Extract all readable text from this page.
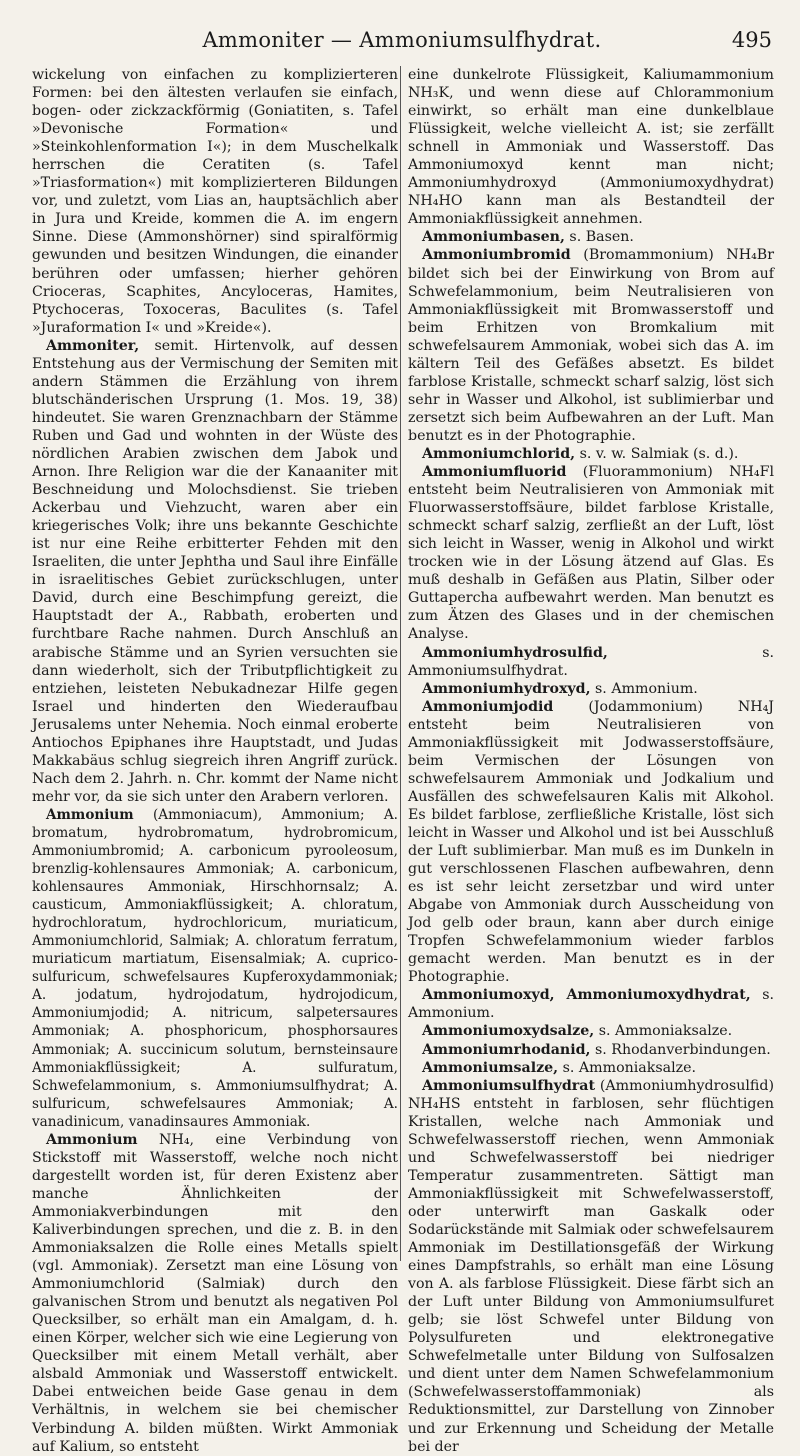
Ammoniter — Ammoniumsulfhydrat.	495

wickelung von einfachen zu komplizierteren Formen: bei den ältesten verlaufen sie einfach, bogen- oder zickzackförmig (Goniatiten, s. Tafel »Devonische Formation« und »Steinkohlenformation I«); in dem Muschelkalk herrschen die Ceratiten (s. Tafel »Triasformation«) mit komplizierteren Bildungen vor, und zuletzt, vom Lias an, hauptsächlich aber in Jura und Kreide, kommen die A. im engern Sinne. Diese (Ammonshörner) sind spiralförmig gewunden und besitzen Windungen, die einander berühren oder umfassen; hierher gehören Crioceras, Scaphites, Ancyloceras, Hamites, Ptychoceras, Toxoceras, Baculites (s. Tafel »Juraformation I« und »Kreide«).

Ammoniter, semit. Hirtenvolk, auf dessen Entstehung aus der Vermischung der Semiten mit andern Stämmen die Erzählung von ihrem blutschänderischen Ursprung (1. Mos. 19, 38) hindeutet. Sie waren Grenznachbarn der Stämme Ruben und Gad und wohnten in der Wüste des nördlichen Arabien zwischen dem Jabok und Arnon. Ihre Religion war die der Kanaaniter mit Beschneidung und Molochsdienst. Sie trieben Ackerbau und Viehzucht, waren aber ein kriegerisches Volk; ihre uns bekannte Geschichte ist nur eine Reihe erbitterter Fehden mit den Israeliten, die unter Jephtha und Saul ihre Einfälle in israelitisches Gebiet zurückschlugen, unter David, durch eine Beschimpfung gereizt, die Hauptstadt der A., Rabbath, eroberten und furchtbare Rache nahmen. Durch Anschluß an arabische Stämme und an Syrien versuchten sie dann wiederholt, sich der Tributpflichtigkeit zu entziehen, leisteten Nebukadnezar Hilfe gegen Israel und hinderten den Wiederaufbau Jerusalems unter Nehemia. Noch einmal eroberte Antiochos Epiphanes ihre Hauptstadt, und Judas Makkabäus schlug siegreich ihren Angriff zurück. Nach dem 2. Jahrh. n. Chr. kommt der Name nicht mehr vor, da sie sich unter den Arabern verloren.

Ammonium (Ammoniacum), Ammonium; A. bromatum, hydrobromatum, hydrobromicum, Ammoniumbromid; A. carbonicum pyrooleosum, brenzlig-kohlensaures Ammoniak; A. carbonicum, kohlensaures Ammoniak, Hirschhornsalz; A. causticum, Ammoniakflüssigkeit; A. chloratum, hydrochloratum, hydrochloricum, muriaticum, Ammoniumchlorid, Salmiak; A. chloratum ferratum, muriaticum martiatum, Eisensalmiak; A. cuprico-sulfuricum, schwefelsaures Kupferoxydammoniak; A. jodatum, hydrojodatum, hydrojodicum, Ammoniumjodid; A. nitricum, salpetersaures Ammoniak; A. phosphoricum, phosphorsaures Ammoniak; A. succinicum solutum, bernsteinsaure Ammoniakflüssigkeit; A. sulfuratum, Schwefelammonium, s. Ammoniumsulfhydrat; A. sulfuricum, schwefelsaures Ammoniak; A. vanadinicum, vanadinsaures Ammoniak.

Ammonium NH₄, eine Verbindung von Stickstoff mit Wasserstoff, welche noch nicht dargestellt worden ist, für deren Existenz aber manche Ähnlichkeiten der Ammoniakverbindungen mit den Kaliverbindungen sprechen, und die z. B. in den Ammoniaksalzen die Rolle eines Metalls spielt (vgl. Ammoniak). Zersetzt man eine Lösung von Ammoniumchlorid (Salmiak) durch den galvanischen Strom und benutzt als negativen Pol Quecksilber, so erhält man ein Amalgam, d. h. einen Körper, welcher sich wie eine Legierung von Quecksilber mit einem Metall verhält, aber alsbald Ammoniak und Wasserstoff entwickelt. Dabei entweichen beide Gase genau in dem Verhältnis, in welchem sie bei chemischer Verbindung A. bilden müßten. Wirkt Ammoniak auf Kalium, so entsteht

eine dunkelrote Flüssigkeit, Kaliumammonium NH₃K, und wenn diese auf Chlorammonium einwirkt, so erhält man eine dunkelblaue Flüssigkeit, welche vielleicht A. ist; sie zerfällt schnell in Ammoniak und Wasserstoff. Das Ammoniumoxyd kennt man nicht; Ammoniumhydroxyd (Ammoniumoxydhydrat) NH₄HO kann man als Bestandteil der Ammoniakflüssigkeit annehmen.

Ammoniumbasen, s. Basen.

Ammoniumbromid (Bromammonium) NH₄Br bildet sich bei der Einwirkung von Brom auf Schwefelammonium, beim Neutralisieren von Ammoniakflüssigkeit mit Bromwasserstoff und beim Erhitzen von Bromkalium mit schwefelsaurem Ammoniak, wobei sich das A. im kältern Teil des Gefäßes absetzt. Es bildet farblose Kristalle, schmeckt scharf salzig, löst sich sehr in Wasser und Alkohol, ist sublimierbar und zersetzt sich beim Aufbewahren an der Luft. Man benutzt es in der Photographie.

Ammoniumchlorid, s. v. w. Salmiak (s. d.).

Ammoniumfluorid (Fluorammonium) NH₄Fl entsteht beim Neutralisieren von Ammoniak mit Fluorwasserstoffsäure, bildet farblose Kristalle, schmeckt scharf salzig, zerfließt an der Luft, löst sich leicht in Wasser, wenig in Alkohol und wirkt trocken wie in der Lösung ätzend auf Glas. Es muß deshalb in Gefäßen aus Platin, Silber oder Guttapercha aufbewahrt werden. Man benutzt es zum Ätzen des Glases und in der chemischen Analyse.

Ammoniumhydrosulfid, s. Ammoniumsulfhydrat.

Ammoniumhydroxyd, s. Ammonium.

Ammoniumjodid (Jodammonium) NH₄J entsteht beim Neutralisieren von Ammoniakflüssigkeit mit Jodwasserstoffsäure, beim Vermischen der Lösungen von schwefelsaurem Ammoniak und Jodkalium und Ausfällen des schwefelsauren Kalis mit Alkohol. Es bildet farblose, zerfließliche Kristalle, löst sich leicht in Wasser und Alkohol und ist bei Ausschluß der Luft sublimierbar. Man muß es im Dunkeln in gut verschlossenen Flaschen aufbewahren, denn es ist sehr leicht zersetzbar und wird unter Abgabe von Ammoniak durch Ausscheidung von Jod gelb oder braun, kann aber durch einige Tropfen Schwefelammonium wieder farblos gemacht werden. Man benutzt es in der Photographie.

Ammoniumoxyd, Ammoniumoxydhydrat, s. Ammonium.

Ammoniumoxydsalze, s. Ammoniaksalze.

Ammoniumrhodanid, s. Rhodanverbindungen.

Ammoniumsalze, s. Ammoniaksalze.

Ammoniumsulfhydrat (Ammoniumhydrosulfid) NH₄HS entsteht in farblosen, sehr flüchtigen Kristallen, welche nach Ammoniak und Schwefelwasserstoff riechen, wenn Ammoniak und Schwefelwasserstoff bei niedriger Temperatur zusammentreten. Sättigt man Ammoniakflüssigkeit mit Schwefelwasserstoff, oder unterwirft man Gaskalk oder Sodarückstände mit Salmiak oder schwefelsaurem Ammoniak im Destillationsgefäß der Wirkung eines Dampfstrahls, so erhält man eine Lösung von A. als farblose Flüssigkeit. Diese färbt sich an der Luft unter Bildung von Ammoniumsulfuret gelb; sie löst Schwefel unter Bildung von Polysulfureten und elektronegative Schwefelmetalle unter Bildung von Sulfosalzen und dient unter dem Namen Schwefelammonium (Schwefelwasserstoffammoniak) als Reduktionsmittel, zur Darstellung von Zinnober und zur Erkennung und Scheidung der Metalle bei der
